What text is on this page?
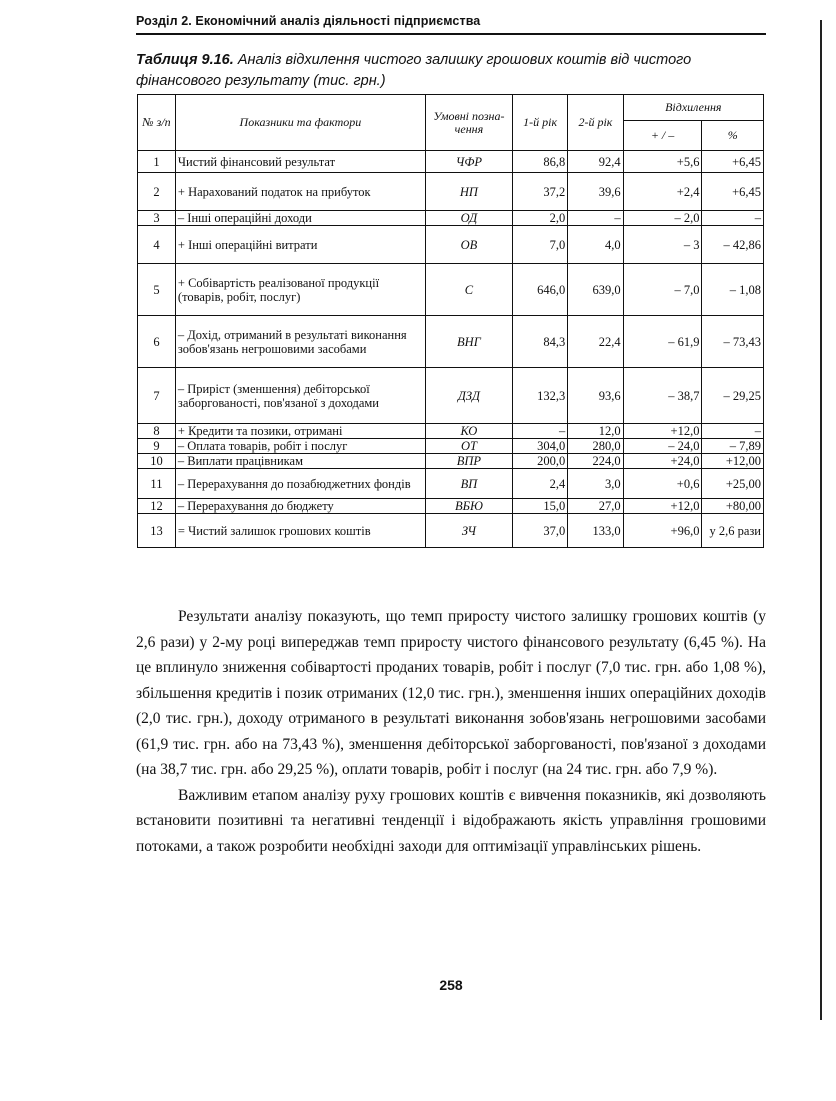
Розділ 2. Економічний аналіз діяльності підприємства
Таблиця 9.16. Аналіз відхилення чистого залишку грошових коштів від чистого фінансового результату (тис. грн.)
№ з/п	Показники та фактори	Умовні позна-чення	1-й рік	2-й рік	Відхилення	
					+ / –	%
1	Чистий фінансовий результат	ЧФР	86,8	92,4	+5,6	+6,45
2	+ Нарахований податок на прибуток	НП	37,2	39,6	+2,4	+6,45
3	– Інші операційні доходи	ОД	2,0	–	– 2,0	–
4	+ Інші операційні витрати	ОВ	7,0	4,0	– 3	– 42,86
5	+ Собівартість реалізованої продукції (товарів, робіт, послуг)	С	646,0	639,0	– 7,0	– 1,08
6	– Дохід, отриманий в результаті виконання зобов'язань негрошовими засобами	ВНГ	84,3	22,4	– 61,9	– 73,43
7	– Приріст (зменшення) дебіторської заборгованості, пов'язаної з доходами	ДЗД	132,3	93,6	– 38,7	– 29,25
8	+ Кредити та позики, отримані	КО	–	12,0	+12,0	–
9	– Оплата товарів, робіт і послуг	ОТ	304,0	280,0	– 24,0	– 7,89
10	– Виплати працівникам	ВПР	200,0	224,0	+24,0	+12,00
11	– Перерахування до позабюджетних фондів	ВП	2,4	3,0	+0,6	+25,00
12	– Перерахування до бюджету	ВБЮ	15,0	27,0	+12,0	+80,00
13	= Чистий залишок грошових коштів	ЗЧ	37,0	133,0	+96,0	у 2,6 рази

Результати аналізу показують, що темп приросту чистого залишку грошових коштів (у 2,6 рази) у 2-му році випереджав темп приросту чистого фінансового результату (6,45 %). На це вплинуло зниження собівартості проданих товарів, робіт і послуг (7,0 тис. грн. або 1,08 %), збільшення кредитів і позик отриманих (12,0 тис. грн.), зменшення інших операційних доходів (2,0 тис. грн.), доходу отриманого в результаті виконання зобов'язань негрошовими засобами (61,9 тис. грн. або на 73,43 %), зменшення дебіторської заборгованості, пов'язаної з доходами (на 38,7 тис. грн. або 29,25 %), оплати товарів, робіт і послуг (на 24 тис. грн. або 7,9 %).

Важливим етапом аналізу руху грошових коштів є вивчення показників, які дозволяють встановити позитивні та негативні тенденції і відображають якість управління грошовими потоками, а також розробити необхідні заходи для оптимізації управлінських рішень.

258
